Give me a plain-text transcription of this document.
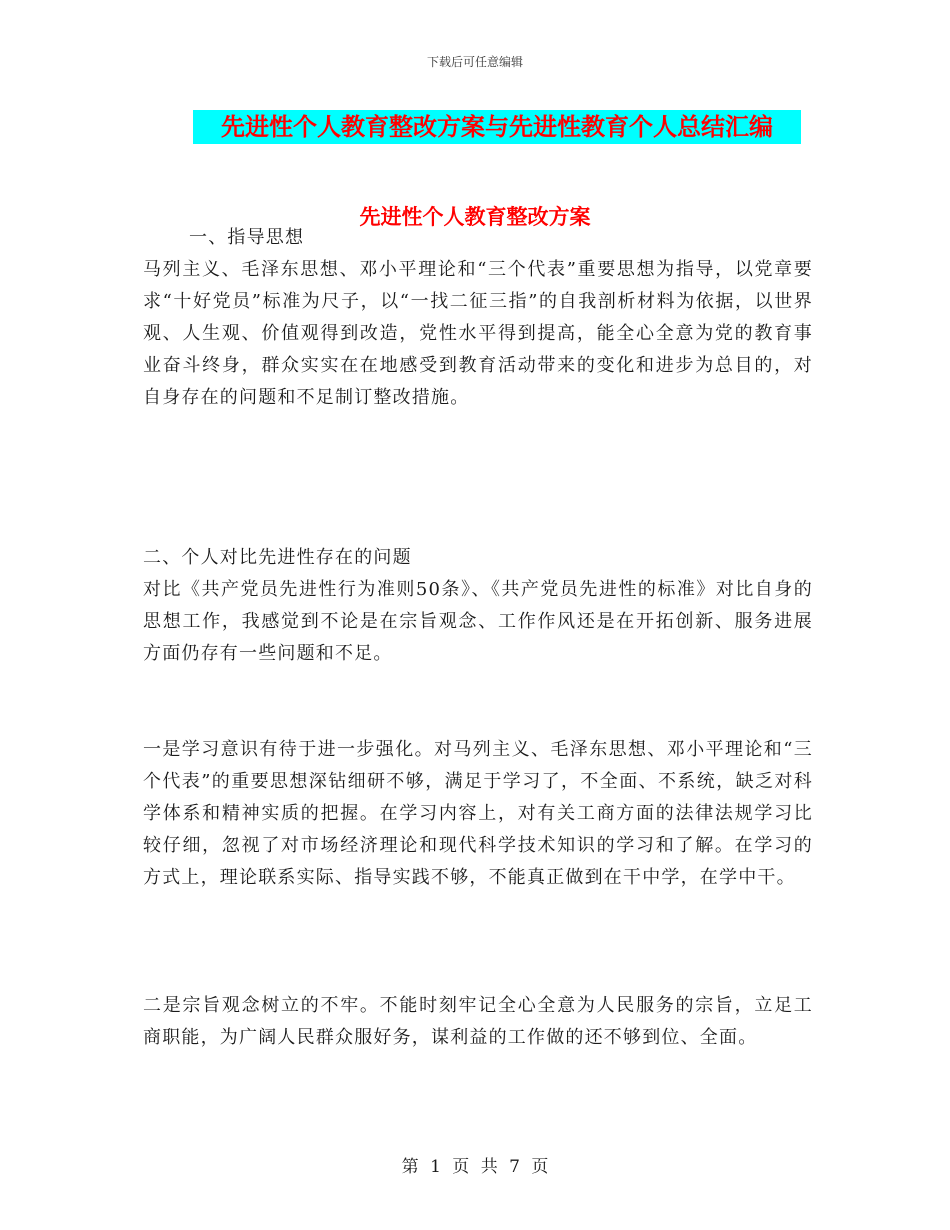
下载后可任意编辑
先进性个人教育整改方案与先进性教育个人总结汇编
先进性个人教育整改方案
一、指导思想
马列主义、毛泽东思想、邓小平理论和“三个代表”重要思想为指导，以党章要求“十好党员”标准为尺子，以“一找二征三指”的自我剖析材料为依据，以世界观、人生观、价值观得到改造，党性水平得到提高，能全心全意为党的教育事业奋斗终身，群众实实在在地感受到教育活动带来的变化和进步为总目的，对自身存在的问题和不足制订整改措施。
二、个人对比先进性存在的问题
对比《共产党员先进性行为准则50条》、《共产党员先进性的标准》对比自身的思想工作，我感觉到不论是在宗旨观念、工作作风还是在开拓创新、服务进展方面仍存有一些问题和不足。
一是学习意识有待于进一步强化。对马列主义、毛泽东思想、邓小平理论和“三个代表”的重要思想深钻细研不够，满足于学习了，不全面、不系统，缺乏对科学体系和精神实质的把握。在学习内容上，对有关工商方面的法律法规学习比较仔细，忽视了对市场经济理论和现代科学技术知识的学习和了解。在学习的方式上，理论联系实际、指导实践不够，不能真正做到在干中学，在学中干。
二是宗旨观念树立的不牢。不能时刻牢记全心全意为人民服务的宗旨，立足工商职能，为广阔人民群众服好务，谋利益的工作做的还不够到位、全面。
第 1 页 共 7 页
